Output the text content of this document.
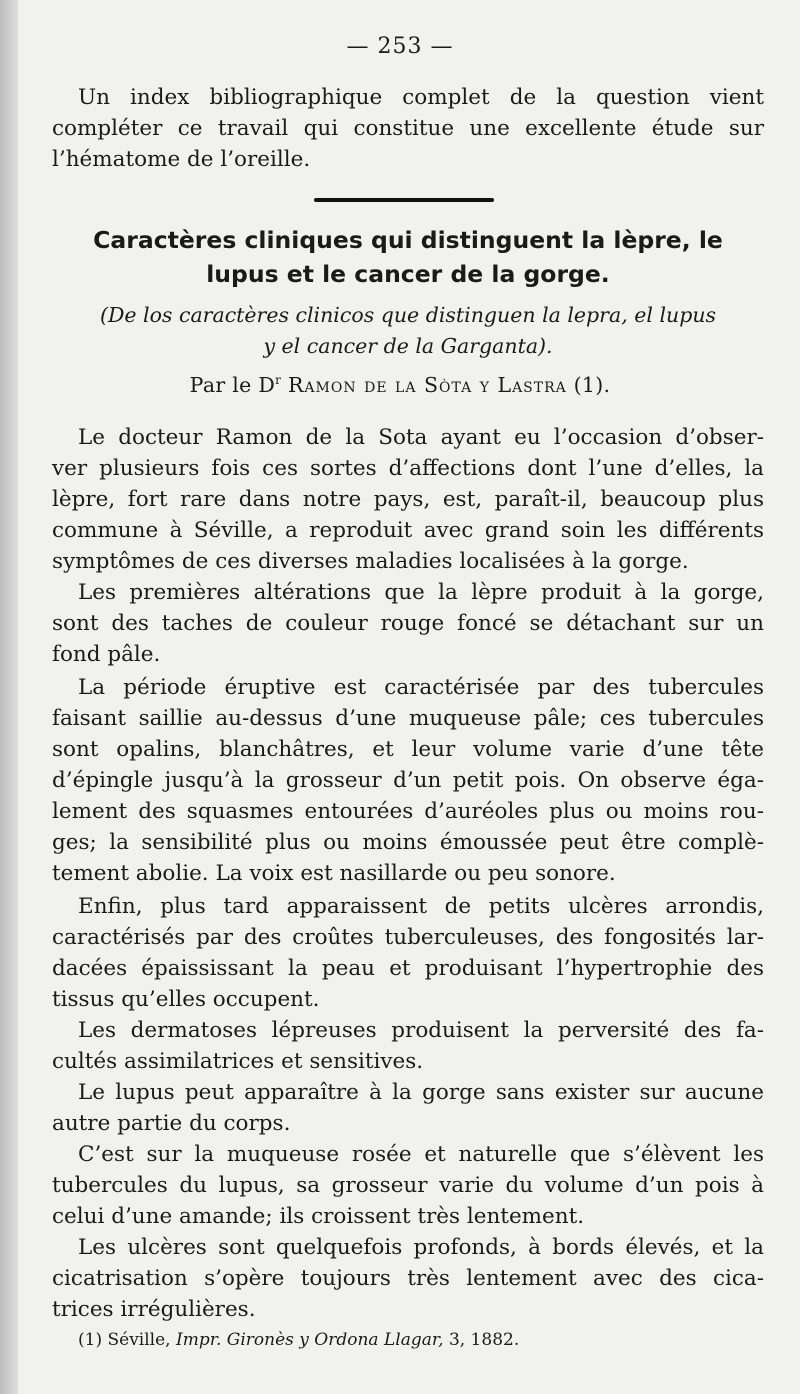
— 253 —
Un index bibliographique complet de la question vient
compléter ce travail qui constitue une excellente étude sur
l’hématome de l’oreille.
Caractères cliniques qui distinguent la lèpre, le
lupus et le cancer de la gorge.
(De los caractères clinicos que distinguen la lepra, el lupus
y el cancer de la Garganta).
Par le $D^r$ Ramon de la Sòta y Lastra (1).
Le docteur Ramon de la Sota ayant eu l’occasion d’obser-
ver plusieurs fois ces sortes d’affections dont l’une d’elles, la
lèpre, fort rare dans notre pays, est, paraît-il, beaucoup plus
commune à Séville, a reproduit avec grand soin les différents
symptômes de ces diverses maladies localisées à la gorge.
Les premières altérations que la lèpre produit à la gorge,
sont des taches de couleur rouge foncé se détachant sur un
fond pâle.
La période éruptive est caractérisée par des tubercules
faisant saillie au-dessus d’une muqueuse pâle; ces tubercules
sont opalins, blanchâtres, et leur volume varie d’une tête
d’épingle jusqu’à la grosseur d’un petit pois. On observe éga-
lement des squasmes entourées d’auréoles plus ou moins rou-
ges; la sensibilité plus ou moins émoussée peut être complè-
tement abolie. La voix est nasillarde ou peu sonore.
Enfin, plus tard apparaissent de petits ulcères arrondis,
caractérisés par des croûtes tuberculeuses, des fongosités lar-
dacées épaississant la peau et produisant l’hypertrophie des
tissus qu’elles occupent.
Les dermatoses lépreuses produisent la perversité des fa-
cultés assimilatrices et sensitives.
Le lupus peut apparaître à la gorge sans exister sur aucune
autre partie du corps.
C’est sur la muqueuse rosée et naturelle que s’élèvent les
tubercules du lupus, sa grosseur varie du volume d’un pois à
celui d’une amande; ils croissent très lentement.
Les ulcères sont quelquefois profonds, à bords élevés, et la
cicatrisation s’opère toujours très lentement avec des cica-
trices irrégulières.
(1) Séville, Impr. Gironès y Ordona Llagar, 3, 1882.
